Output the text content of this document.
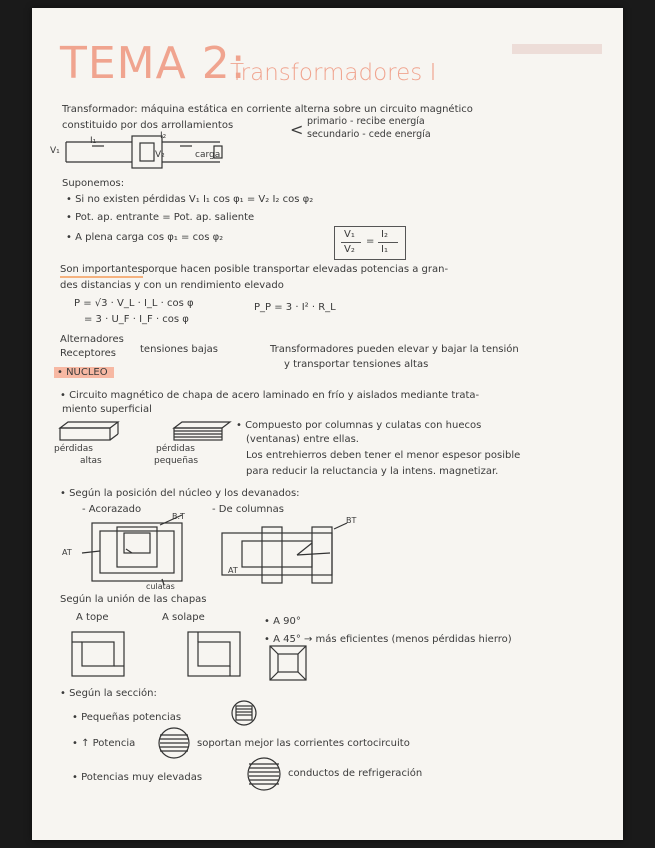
TEMA 2:
Transformadores I
Transformador: máquina estática en corriente alterna sobre un circuito magnético
constituido por dos arrollamientos	< primario - recibe energía
secundario - cede energía
V₁
I₁	I₂
V₂	carga
Suponemos:
• Si no existen pérdidas V₁ I₁ cos φ₁ = V₂ I₂ cos φ₂
• Pot. ap. entrante = Pot. ap. saliente
• A plena carga cos φ₁ = cos φ₂	V₁
V₂
=
I₂
I₁
Son importantes porque hacen posible transportar elevadas potencias a gran-
des distancias y con un rendimiento elevado
P = √3 · V_L · I_L · cos φ
= 3 · U_F · I_F · cos φ
P_P = 3 · I² · R_L
Alternadores
Receptores tensiones bajas	Transformadores pueden elevar y bajar la tensión
y transportar tensiones altas
• NUCLEO
• Circuito magnético de chapa de acero laminado en frío y aislados mediante trata-
miento superficial
pérdidas
altas
pérdidas
pequeñas
• Compuesto por columnas y culatas con huecos
(ventanas) entre ellas.
Los entrehierros deben tener el menor espesor posible
para reducir la reluctancia y la intens. magnetizar.
• Según la posición del núcleo y los devanados:
- Acorazado	- De columnas
B.T
AT
culatas
BT
AT
Según la unión de las chapas
A tope	A solape	• A 90°
• A 45° → más eficientes (menos pérdidas hierro)
• Según la sección:
• Pequeñas potencias
• ↑ Potencia	soportan mejor las corrientes cortocircuito
• Potencias muy elevadas	conductos de refrigeración
